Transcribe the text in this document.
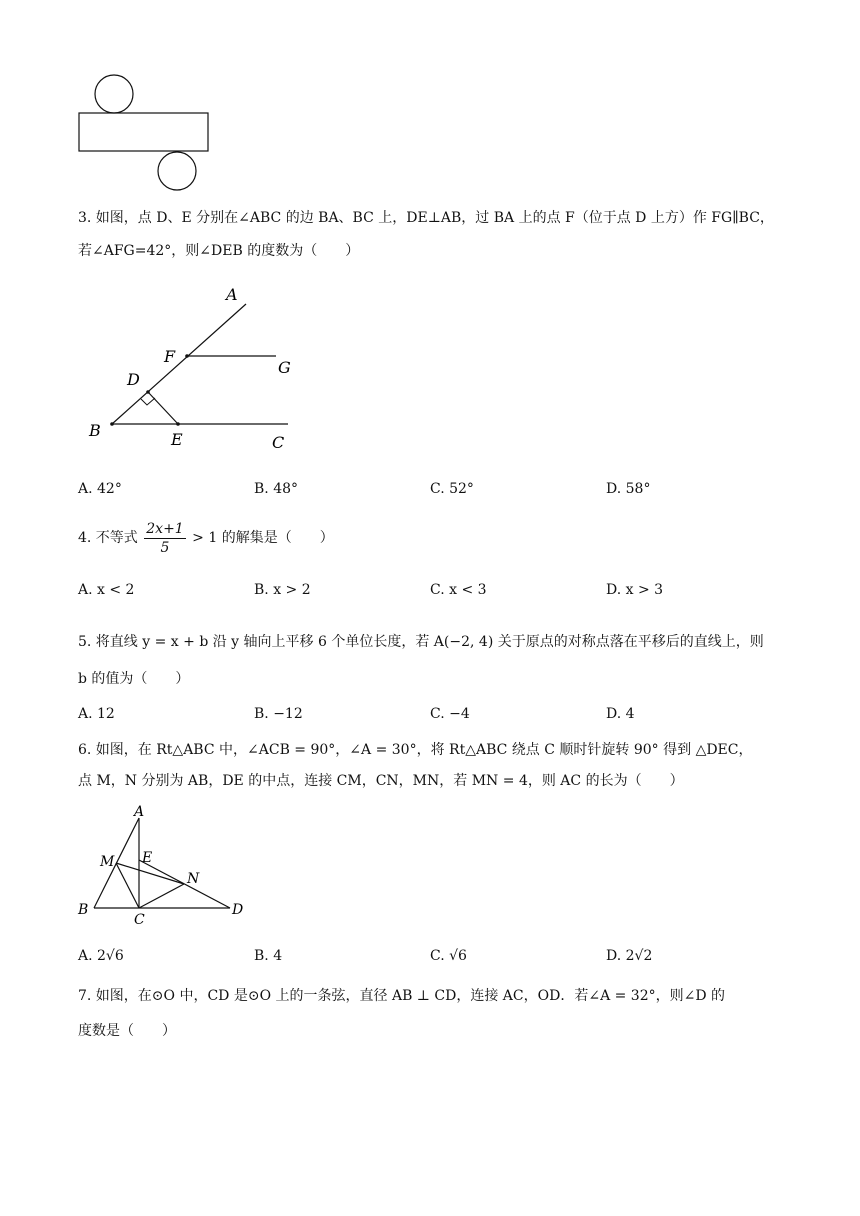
3. 如图，点 D、E 分别在∠ABC 的边 BA、BC 上，DE⊥AB，过 BA 上的点 F（位于点 D 上方）作 FG∥BC，
若∠AFG=42°，则∠DEB 的度数为（　　）
A
F
G
D
B	E	C
A. 42°	B. 48°	C. 52°	D. 58°
4. 不等式 $\frac{2x+1}{5} > 1$ 的解集是（　　）
A. x < 2	B. x > 2	C. x < 3	D. x > 3
5. 将直线 y = x + b 沿 y 轴向上平移 6 个单位长度，若 A(−2, 4) 关于原点的对称点落在平移后的直线上，则
b 的值为（　　）
A. 12	B. −12	C. −4	D. 4
6. 如图，在 Rt△ABC 中，∠ACB = 90°，∠A = 30°，将 Rt△ABC 绕点 C 顺时针旋转 90° 得到 △DEC，
点 M，N 分别为 AB，DE 的中点，连接 CM，CN，MN，若 MN = 4，则 AC 的长为（　　）
A
M E
N
B
C
D
A. 2√6	B. 4	C. √6	D. 2√2
7. 如图，在⊙O 中，CD 是⊙O 上的一条弦，直径 AB ⊥ CD，连接 AC，OD．若∠A = 32°，则∠D 的
度数是（　　）
